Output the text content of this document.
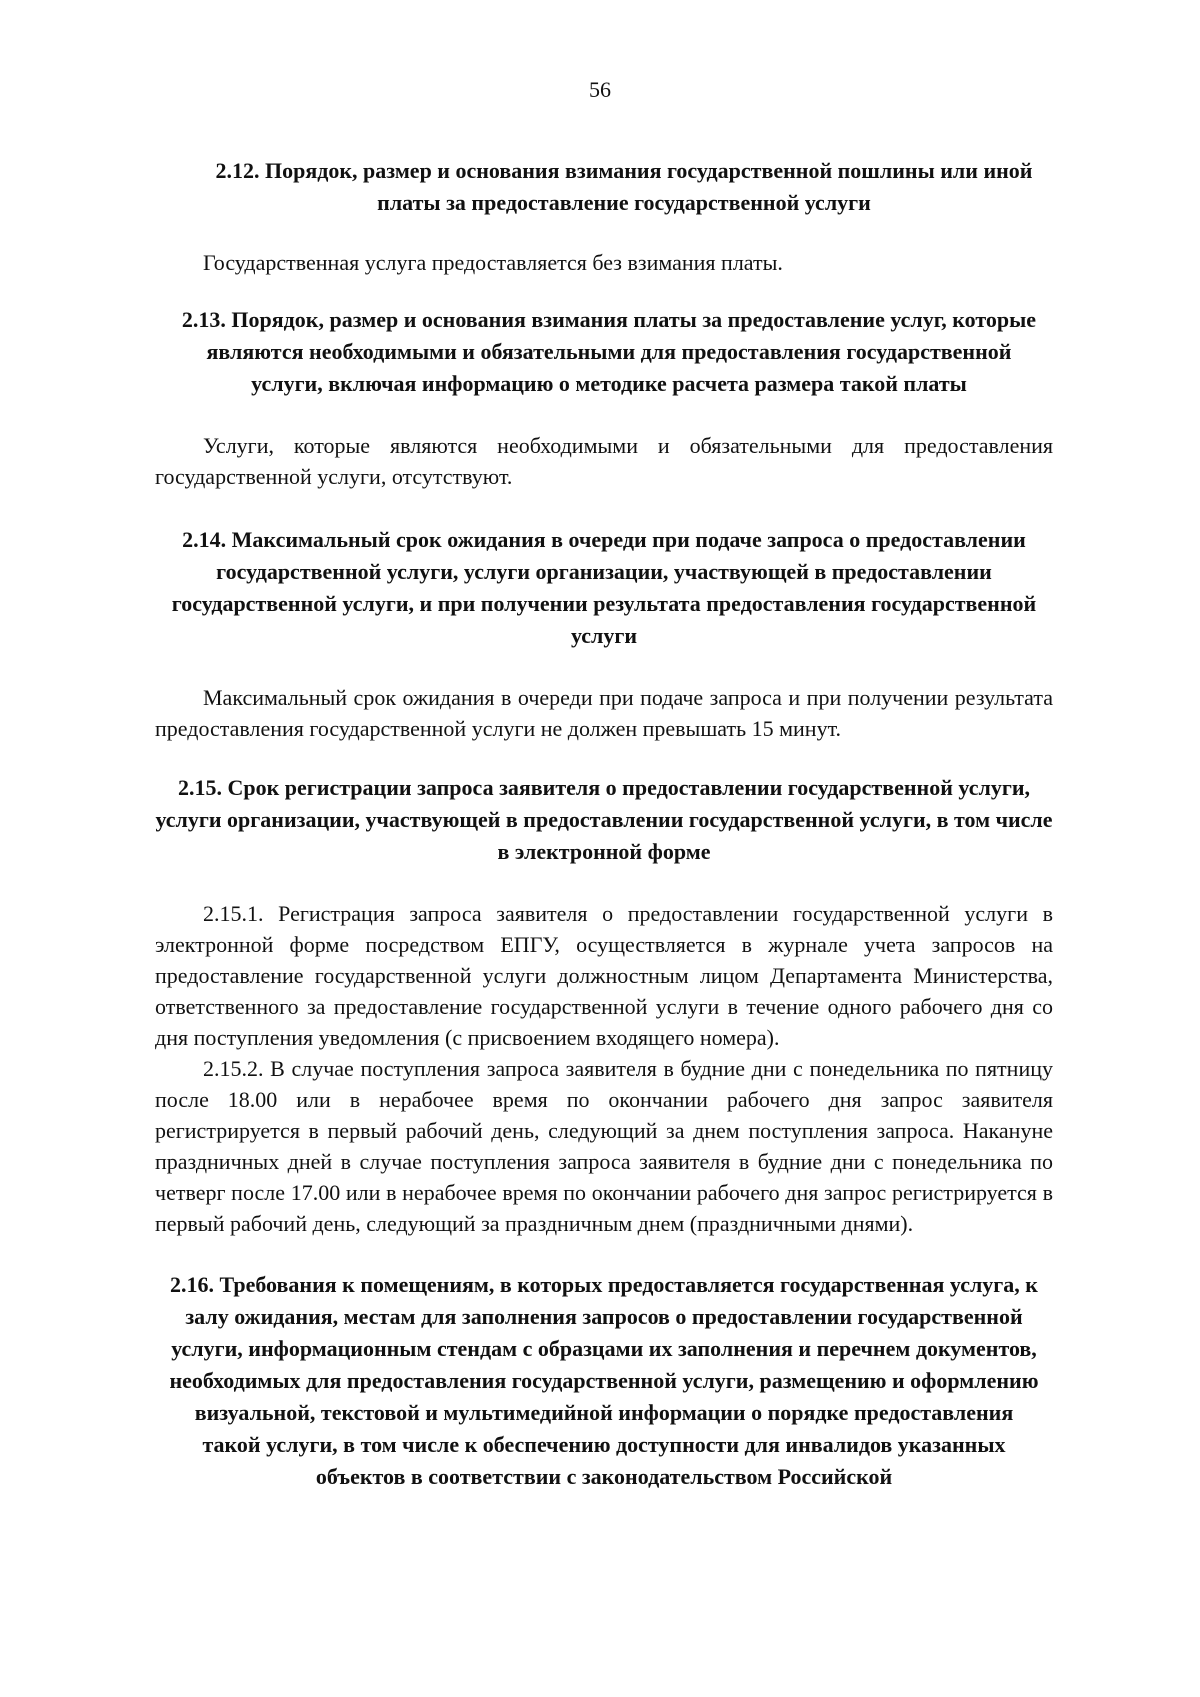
56

2.12. Порядок, размер и основания взимания государственной пошлины или иной платы за предоставление государственной услуги

Государственная услуга предоставляется без взимания платы.

2.13. Порядок, размер и основания взимания платы за предоставление услуг, которые являются необходимыми и обязательными для предоставления государственной услуги, включая информацию о методике расчета размера такой платы

Услуги, которые являются необходимыми и обязательными для предоставления государственной услуги, отсутствуют.

2.14. Максимальный срок ожидания в очереди при подаче запроса о предоставлении государственной услуги, услуги организации, участвующей в предоставлении государственной услуги, и при получении результата предоставления государственной услуги

Максимальный срок ожидания в очереди при подаче запроса и при получении результата предоставления государственной услуги не должен превышать 15 минут.

2.15. Срок регистрации запроса заявителя о предоставлении государственной услуги, услуги организации, участвующей в предоставлении государственной услуги, в том числе в электронной форме

2.15.1. Регистрация запроса заявителя о предоставлении государственной услуги в электронной форме посредством ЕПГУ, осуществляется в журнале учета запросов на предоставление государственной услуги должностным лицом Департамента Министерства, ответственного за предоставление государственной услуги в течение одного рабочего дня со дня поступления уведомления (с присвоением входящего номера).

2.15.2. В случае поступления запроса заявителя в будние дни с понедельника по пятницу после 18.00 или в нерабочее время по окончании рабочего дня запрос заявителя регистрируется в первый рабочий день, следующий за днем поступления запроса. Накануне праздничных дней в случае поступления запроса заявителя в будние дни с понедельника по четверг после 17.00 или в нерабочее время по окончании рабочего дня запрос регистрируется в первый рабочий день, следующий за праздничным днем (праздничными днями).

2.16. Требования к помещениям, в которых предоставляется государственная услуга, к залу ожидания, местам для заполнения запросов о предоставлении государственной услуги, информационным стендам с образцами их заполнения и перечнем документов, необходимых для предоставления государственной услуги, размещению и оформлению визуальной, текстовой и мультимедийной информации о порядке предоставления такой услуги, в том числе к обеспечению доступности для инвалидов указанных объектов в соответствии с законодательством Российской
